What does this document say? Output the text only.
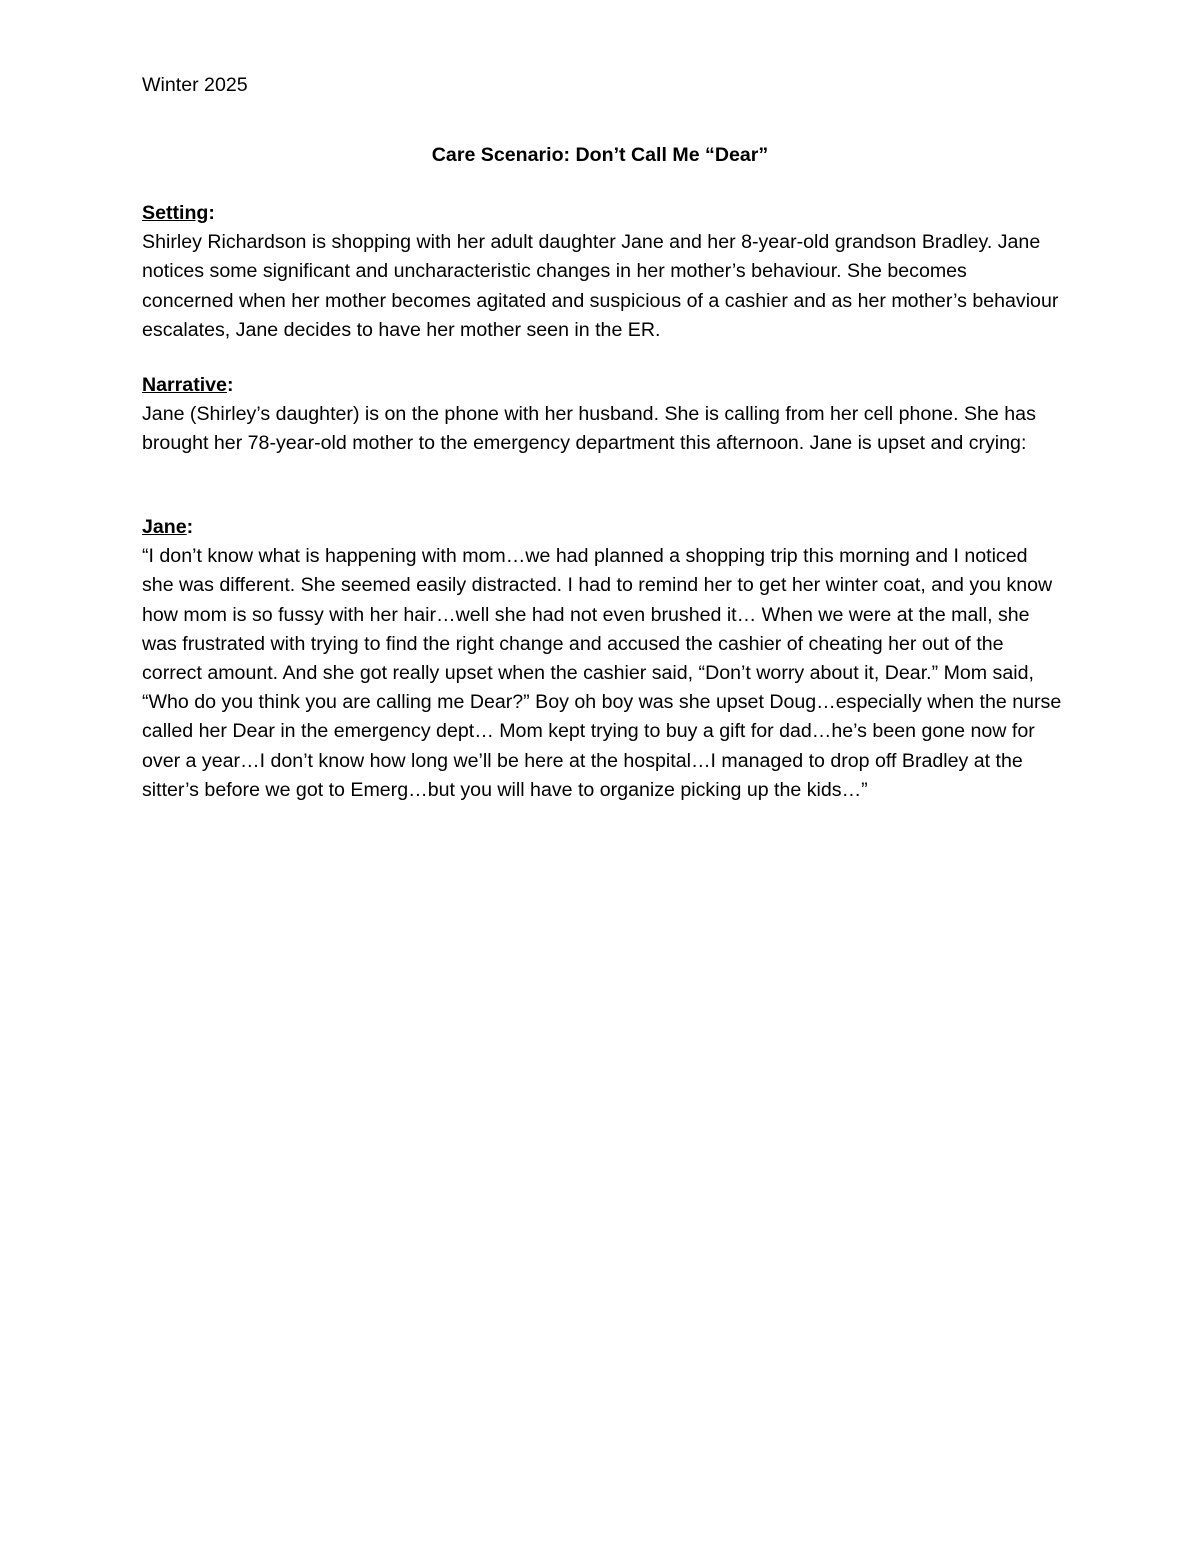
Winter 2025
Care Scenario: Don’t Call Me “Dear”
Setting:

Shirley Richardson is shopping with her adult daughter Jane and her 8-year-old grandson Bradley. Jane notices some significant and uncharacteristic changes in her mother’s behaviour. She becomes concerned when her mother becomes agitated and suspicious of a cashier and as her mother’s behaviour escalates, Jane decides to have her mother seen in the ER.

Narrative:

Jane (Shirley’s daughter) is on the phone with her husband. She is calling from her cell phone. She has brought her 78-year-old mother to the emergency department this afternoon. Jane is upset and crying:

Jane:

“I don’t know what is happening with mom…we had planned a shopping trip this morning and I noticed she was different. She seemed easily distracted. I had to remind her to get her winter coat, and you know how mom is so fussy with her hair…well she had not even brushed it… When we were at the mall, she was frustrated with trying to find the right change and accused the cashier of cheating her out of the correct amount. And she got really upset when the cashier said, “Don’t worry about it, Dear.” Mom said, “Who do you think you are calling me Dear?” Boy oh boy was she upset Doug…especially when the nurse called her Dear in the emergency dept… Mom kept trying to buy a gift for dad…he’s been gone now for over a year…I don’t know how long we’ll be here at the hospital…I managed to drop off Bradley at the sitter’s before we got to Emerg…but you will have to organize picking up the kids…”
